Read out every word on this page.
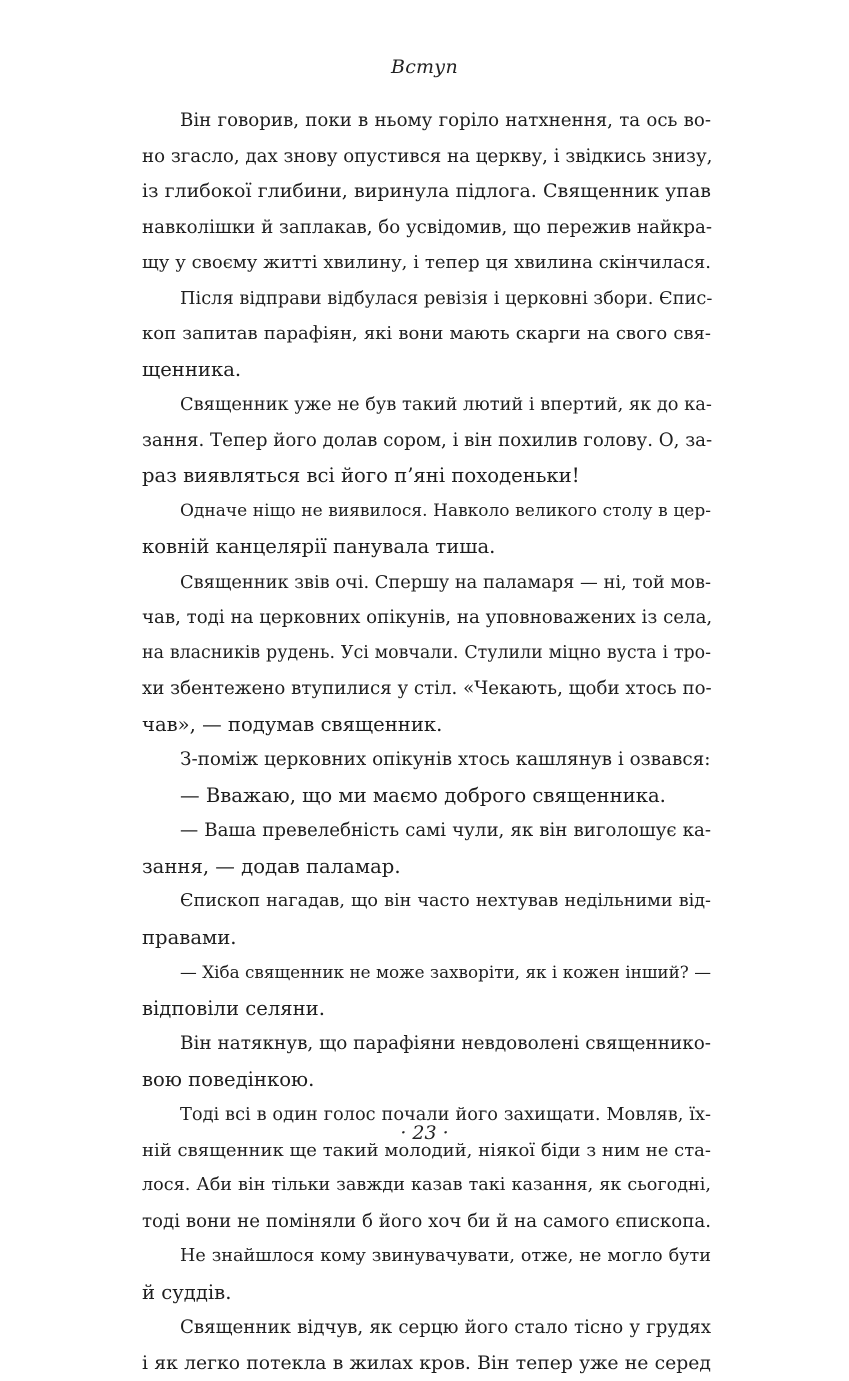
Вступ
Він говорив, поки в ньому горіло натхнення, та ось во-
но згасло, дах знову опустився на церкву, і звідкись знизу,
із глибокої глибини, виринула підлога. Священник упав
навколішки й заплакав, бо усвідомив, що пережив найкра-
щу у своєму житті хвилину, і тепер ця хвилина скінчилася.
Після відправи відбулася ревізія і церковні збори. Єпис-
коп запитав парафіян, які вони мають скарги на свого свя-
щенника.
Священник уже не був такий лютий і впертий, як до ка-
зання. Тепер його долав сором, і він похилив голову. О, за-
раз виявляться всі його п’яні походеньки!
Одначе ніщо не виявилося. Навколо великого столу в цер-
ковній канцелярії панувала тиша.
Священник звів очі. Спершу на паламаря — ні, той мов-
чав, тоді на церковних опікунів, на уповноважених із села,
на власників рудень. Усі мовчали. Стулили міцно вуста і тро-
хи збентежено втупилися у стіл. «Чекають, щоби хтось по-
чав», — подумав священник.
З-поміж церковних опікунів хтось кашлянув і озвався:
— Вважаю, що ми маємо доброго священника.
— Ваша превелебність самі чули, як він виголошує ка-
зання, — додав паламар.
Єпископ нагадав, що він часто нехтував недільними від-
правами.
— Хіба священник не може захворіти, як і кожен інший? —
відповіли селяни.
Він натякнув, що парафіяни невдоволені священнико-
вою поведінкою.
Тоді всі в один голос почали його захищати. Мовляв, їх-
ній священник ще такий молодий, ніякої біди з ним не ста-
лося. Аби він тільки завжди казав такі казання, як сьогодні,
тоді вони не поміняли б його хоч би й на самого єпископа.
Не знайшлося кому звинувачувати, отже, не могло бути
й суддів.
Священник відчув, як серцю його стало тісно у грудях
і як легко потекла в жилах кров. Він тепер уже не серед
· 23 ·
